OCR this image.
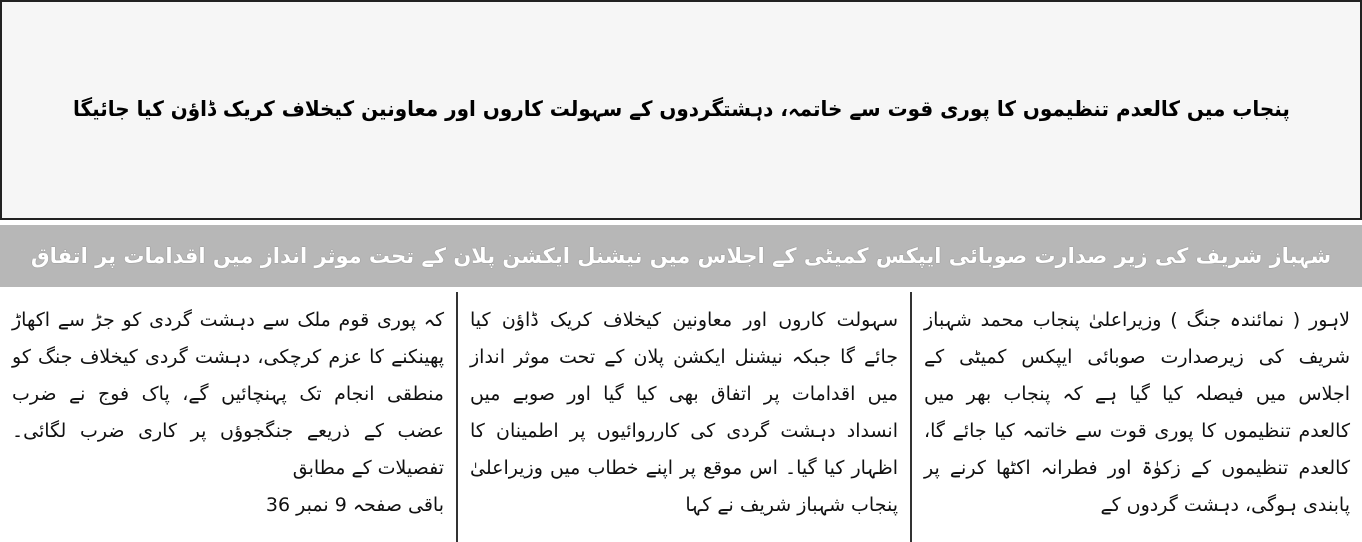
پنجاب میں کالعدم تنظیموں کا پوری قوت سے خاتمہ، دہشتگردوں کے سہولت کاروں اور معاونین کیخلاف کریک ڈاؤن کیا جائیگا
شہباز شریف کی زیر صدارت صوبائی ایپکس کمیٹی کے اجلاس میں نیشنل ایکشن پلان کے تحت موثر انداز میں اقدامات پر اتفاق

لاہور ( نمائندہ جنگ ) وزیراعلیٰ پنجاب محمد شہباز شریف کی زیرصدارت صوبائی ایپکس کمیٹی کے اجلاس میں فیصلہ کیا گیا ہے کہ پنجاب بھر میں کالعدم تنظیموں کا پوری قوت سے خاتمہ کیا جائے گا، کالعدم تنظیموں کے زکوٰۃ اور فطرانہ اکٹھا کرنے پر پابندی ہوگی، دہشت گردوں کے

سہولت کاروں اور معاونین کیخلاف کریک ڈاؤن کیا جائے گا جبکہ نیشنل ایکشن پلان کے تحت موثر انداز میں اقدامات پر اتفاق بھی کیا گیا اور صوبے میں انسداد دہشت گردی کی کارروائیوں پر اطمینان کا اظہار کیا گیا۔ اس موقع پر اپنے خطاب میں وزیراعلیٰ پنجاب شہباز شریف نے کہا

کہ پوری قوم ملک سے دہشت گردی کو جڑ سے اکھاڑ پھینکنے کا عزم کرچکی، دہشت گردی کیخلاف جنگ کو منطقی انجام تک پہنچائیں گے، پاک فوج نے ضرب عضب کے ذریعے جنگجوؤں پر کاری ضرب لگائی۔ تفصیلات کے مطابق

باقی صفحہ 9 نمبر 36
